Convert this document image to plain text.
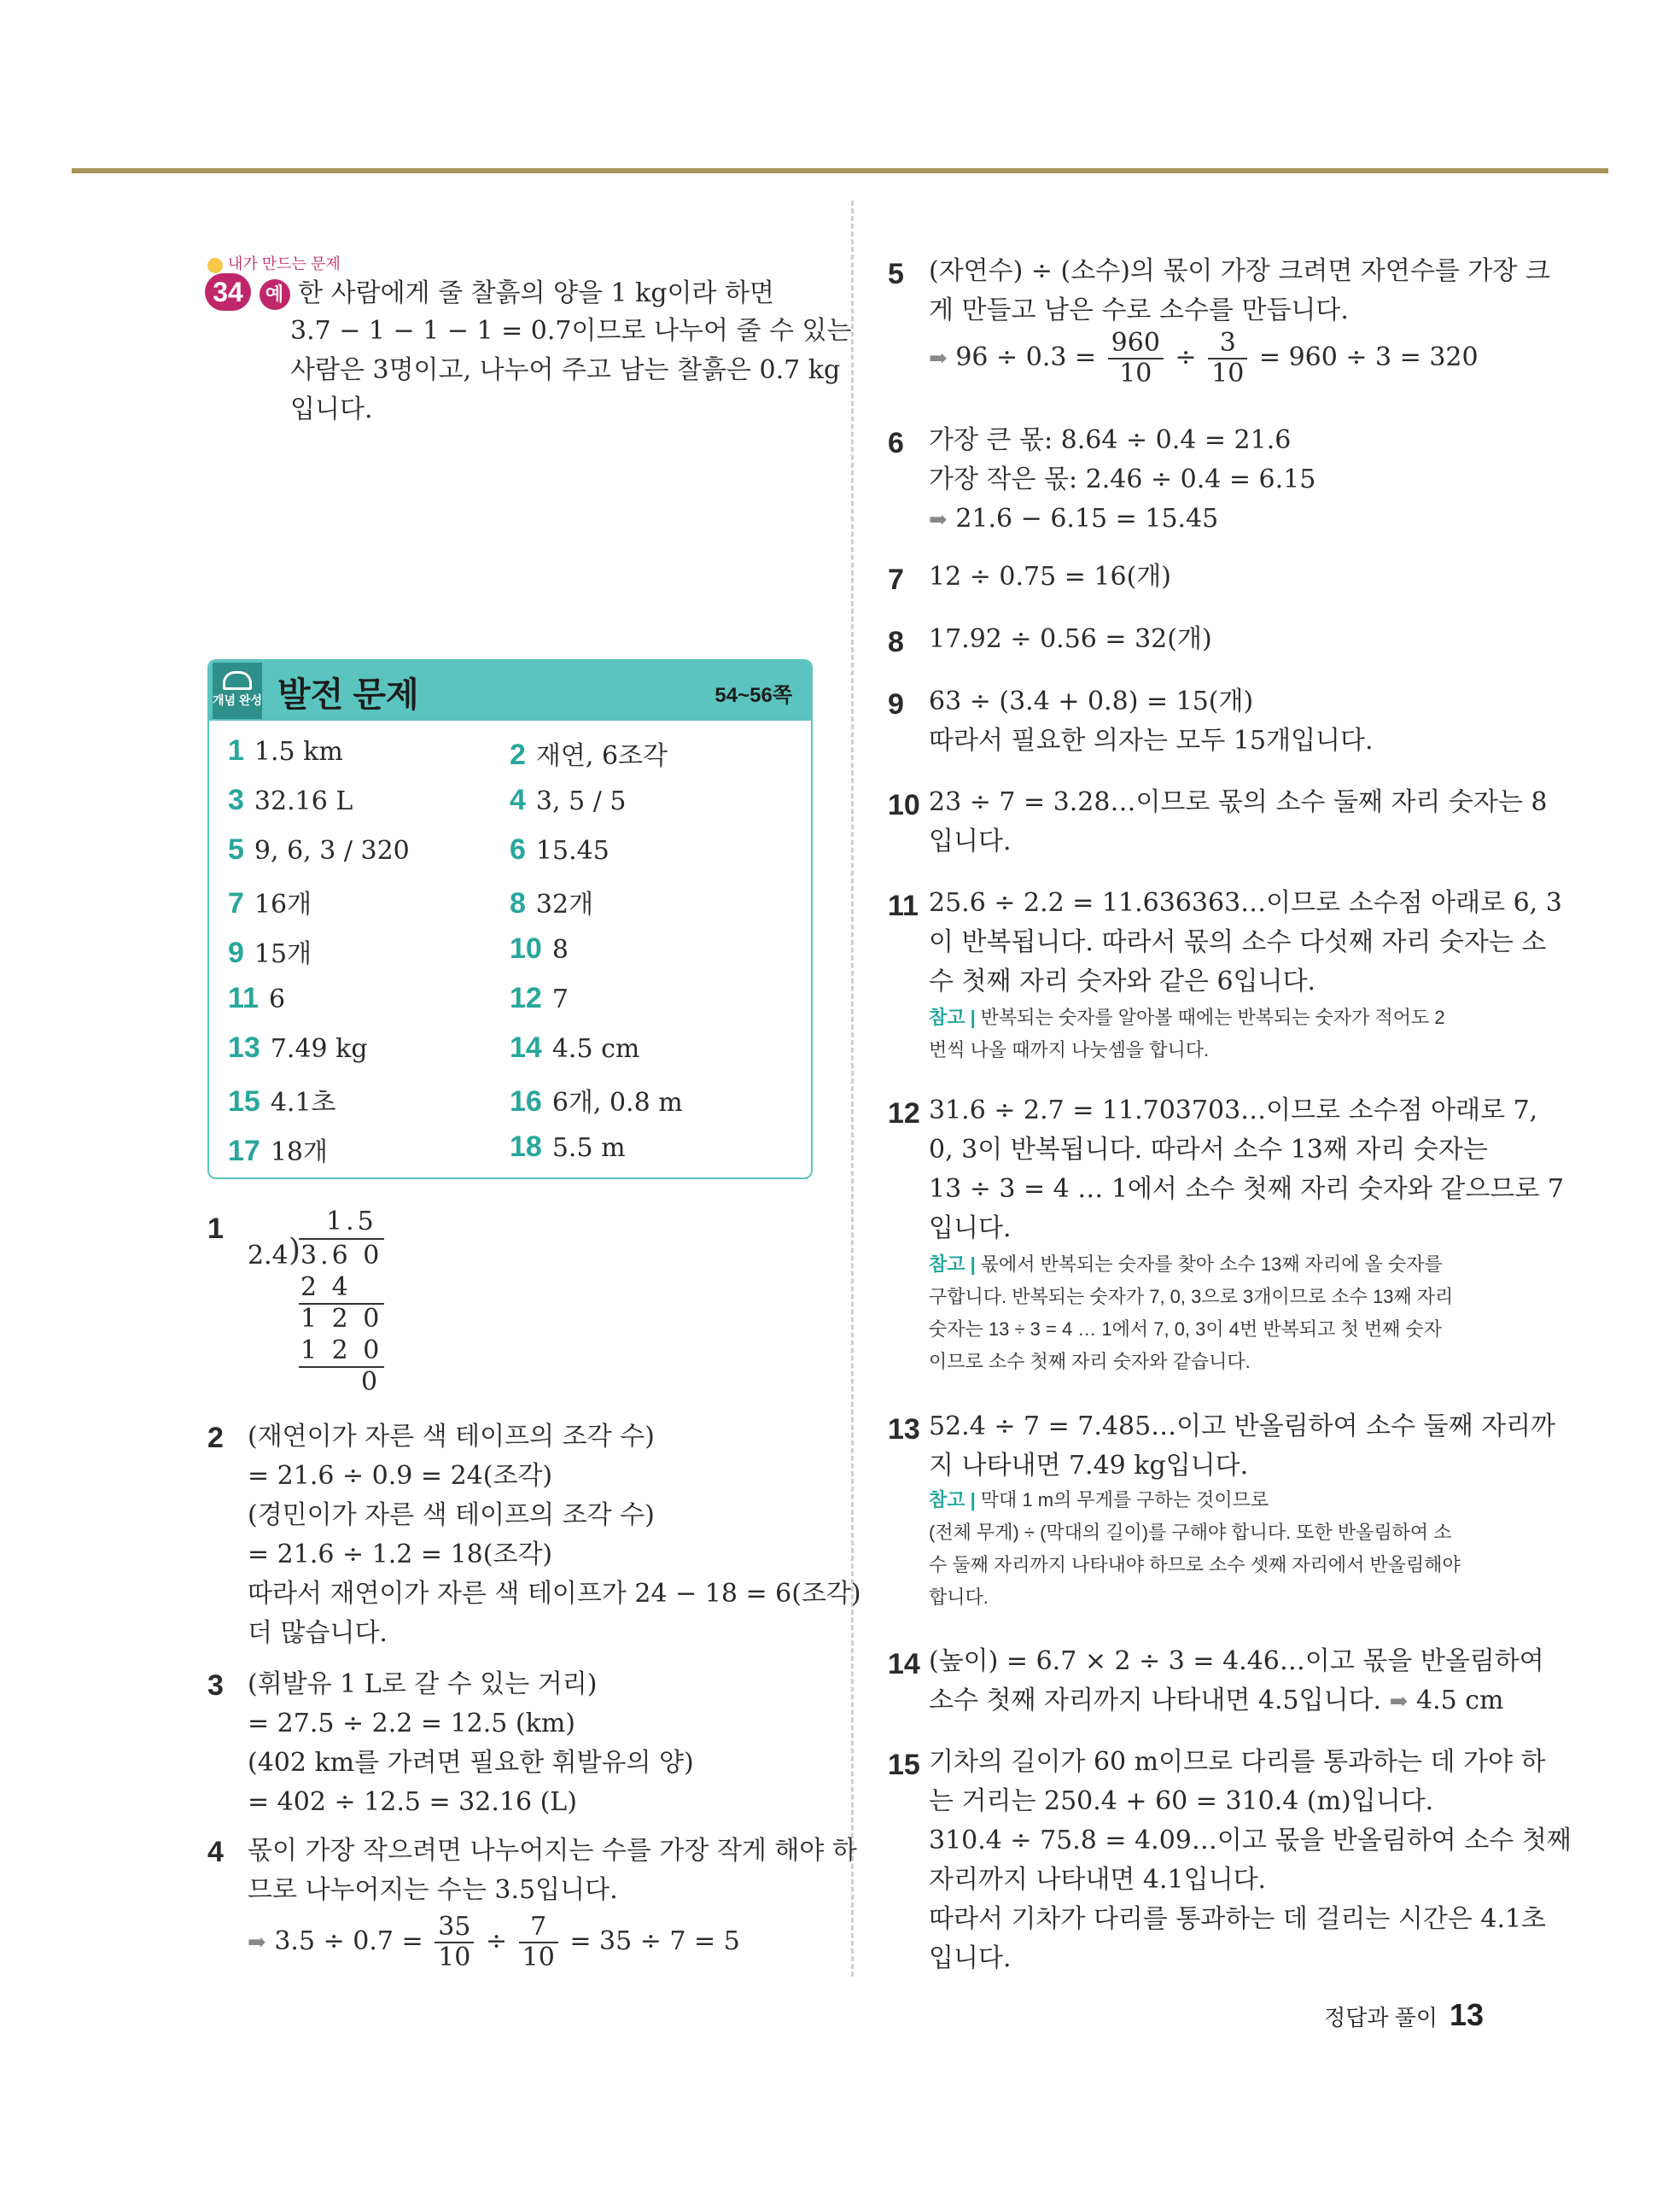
내가 만드는 문제
34 예 한 사람에게 줄 찰흙의 양을 1 kg이라 하면
3.7 − 1 − 1 − 1 = 0.7이므로 나누어 줄 수 있는
사람은 3명이고, 나누어 주고 남는 찰흙은 0.7 kg
입니다.
개념 완성 발전 문제	54~56쪽
1 1.5 km	2 재연, 6조각
3 32.16 L	4 3, 5 / 5
5 9, 6, 3 / 320	6 15.45
7 16개	8 32개
9 15개	10 8
11 6	12 7
13 7.49 kg	14 4.5 cm
15 4.1초	16 6개, 0.8 m
17 18개	18 5.5 m
1	1.5
2.4 ) 3.6 0
2 4
1 2 0
1 2 0
0
2 (재연이가 자른 색 테이프의 조각 수)
= 21.6 ÷ 0.9 = 24(조각)
(경민이가 자른 색 테이프의 조각 수)
= 21.6 ÷ 1.2 = 18(조각)
따라서 재연이가 자른 색 테이프가 24 − 18 = 6(조각)
더 많습니다.
3 (휘발유 1 L로 갈 수 있는 거리)
= 27.5 ÷ 2.2 = 12.5 (km)
(402 km를 가려면 필요한 휘발유의 양)
= 402 ÷ 12.5 = 32.16 (L)
4 몫이 가장 작으려면 나누어지는 수를 가장 작게 해야 하
므로 나누어지는 수는 3.5입니다.
➡ $3.5 \div 0.7 = \frac{35}{10} \div \frac{7}{10} = 35 \div 7 = 5$
5 (자연수) ÷ (소수)의 몫이 가장 크려면 자연수를 가장 크
게 만들고 남은 수로 소수를 만듭니다.
➡ $96 \div 0.3 = \frac{960}{10} \div \frac{3}{10} = 960 \div 3 = 320$
6 가장 큰 몫: 8.64 ÷ 0.4 = 21.6
가장 작은 몫: 2.46 ÷ 0.4 = 6.15
➡ 21.6 − 6.15 = 15.45
7 12 ÷ 0.75 = 16(개)
8 17.92 ÷ 0.56 = 32(개)
9 63 ÷ (3.4 + 0.8) = 15(개)
따라서 필요한 의자는 모두 15개입니다.
10 23 ÷ 7 = 3.28…이므로 몫의 소수 둘째 자리 숫자는 8
입니다.
11 25.6 ÷ 2.2 = 11.636363…이므로 소수점 아래로 6, 3
이 반복됩니다. 따라서 몫의 소수 다섯째 자리 숫자는 소
수 첫째 자리 숫자와 같은 6입니다.
참고 | 반복되는 숫자를 알아볼 때에는 반복되는 숫자가 적어도 2
번씩 나올 때까지 나눗셈을 합니다.
12 31.6 ÷ 2.7 = 11.703703…이므로 소수점 아래로 7,
0, 3이 반복됩니다. 따라서 소수 13째 자리 숫자는
13 ÷ 3 = 4 … 1에서 소수 첫째 자리 숫자와 같으므로 7
입니다.
참고 | 몫에서 반복되는 숫자를 찾아 소수 13째 자리에 올 숫자를
구합니다. 반복되는 숫자가 7, 0, 3으로 3개이므로 소수 13째 자리
숫자는 13 ÷ 3 = 4 … 1에서 7, 0, 3이 4번 반복되고 첫 번째 숫자
이므로 소수 첫째 자리 숫자와 같습니다.
13 52.4 ÷ 7 = 7.485…이고 반올림하여 소수 둘째 자리까
지 나타내면 7.49 kg입니다.
참고 | 막대 1 m의 무게를 구하는 것이므로
(전체 무게) ÷ (막대의 길이)를 구해야 합니다. 또한 반올림하여 소
수 둘째 자리까지 나타내야 하므로 소수 셋째 자리에서 반올림해야
합니다.
14 (높이) = 6.7 × 2 ÷ 3 = 4.46…이고 몫을 반올림하여
소수 첫째 자리까지 나타내면 4.5입니다. ➡ 4.5 cm
15 기차의 길이가 60 m이므로 다리를 통과하는 데 가야 하
는 거리는 250.4 + 60 = 310.4 (m)입니다.
310.4 ÷ 75.8 = 4.09…이고 몫을 반올림하여 소수 첫째
자리까지 나타내면 4.1입니다.
따라서 기차가 다리를 통과하는 데 걸리는 시간은 4.1초
입니다.
정답과 풀이 13
